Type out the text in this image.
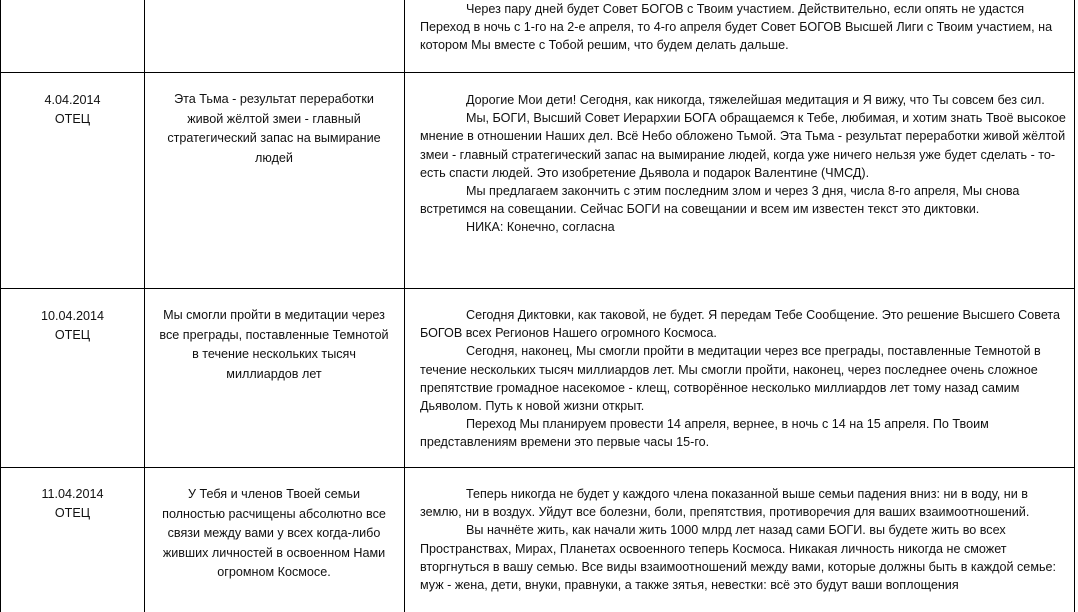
Через пару дней будет Совет БОГОВ с Твоим участием. Действительно, если опять не удастся Переход в ночь с 1-го на 2-е апреля, то 4-го апреля будет Совет БОГОВ Высшей Лиги с Твоим участием, на котором Мы вместе с Тобой решим, что будем делать дальше.

4.04.2014
ОТЕЦ
Эта Тьма - результат переработки живой жёлтой змеи - главный стратегический запас на вымирание людей

Дорогие Мои дети! Сегодня, как никогда, тяжелейшая медитация и Я вижу, что Ты совсем без сил.

Мы, БОГИ, Высший Совет Иерархии БОГА обращаемся к Тебе, любимая, и хотим знать Твоё высокое мнение в отношении Наших дел. Всё Небо обложено Тьмой. Эта Тьма - результат переработки живой жёлтой змеи - главный стратегический запас на вымирание людей, когда уже ничего нельзя уже будет сделать - то-есть спасти людей. Это изобретение Дьявола и подарок Валентине (ЧМСД).

Мы предлагаем закончить с этим последним злом и через 3 дня, числа 8-го апреля, Мы снова встретимся на совещании. Сейчас БОГИ на совещании и всем им известен текст это диктовки.

НИКА: Конечно, согласна

10.04.2014
ОТЕЦ
Мы смогли пройти в медитации через все преграды, поставленные Темнотой в течение нескольких тысяч миллиардов лет

Сегодня Диктовки, как таковой, не будет. Я передам Тебе Сообщение. Это решение Высшего Совета БОГОВ всех Регионов Нашего огромного Космоса.

Сегодня, наконец, Мы смогли пройти в медитации через все преграды, поставленные Темнотой в течение нескольких тысяч миллиардов лет. Мы смогли пройти, наконец, через последнее очень сложное препятствие громадное насекомое - клещ, сотворённое несколько миллиардов лет тому назад самим Дьяволом. Путь к новой жизни открыт.

Переход Мы планируем провести 14 апреля, вернее, в ночь с 14 на 15 апреля. По Твоим представлениям времени это первые часы 15-го.

11.04.2014
ОТЕЦ
У Тебя и членов Твоей семьи полностью расчищены абсолютно все связи между вами у всех когда-либо живших личностей в освоенном Нами огромном Космосе.

Теперь никогда не будет у каждого члена показанной выше семьи падения вниз: ни в воду, ни в землю, ни в воздух. Уйдут все болезни, боли, препятствия, противоречия для ваших взаимоотношений.

Вы начнёте жить, как начали жить 1000 млрд лет назад сами БОГИ. вы будете жить во всех Пространствах, Мирах, Планетах освоенного теперь Космоса. Никакая личность никогда не сможет вторгнуться в вашу семью. Все виды взаимоотношений между вами, которые должны быть в каждой семье: муж - жена, дети, внуки, правнуки, а также зятья, невестки: всё это будут ваши воплощения
